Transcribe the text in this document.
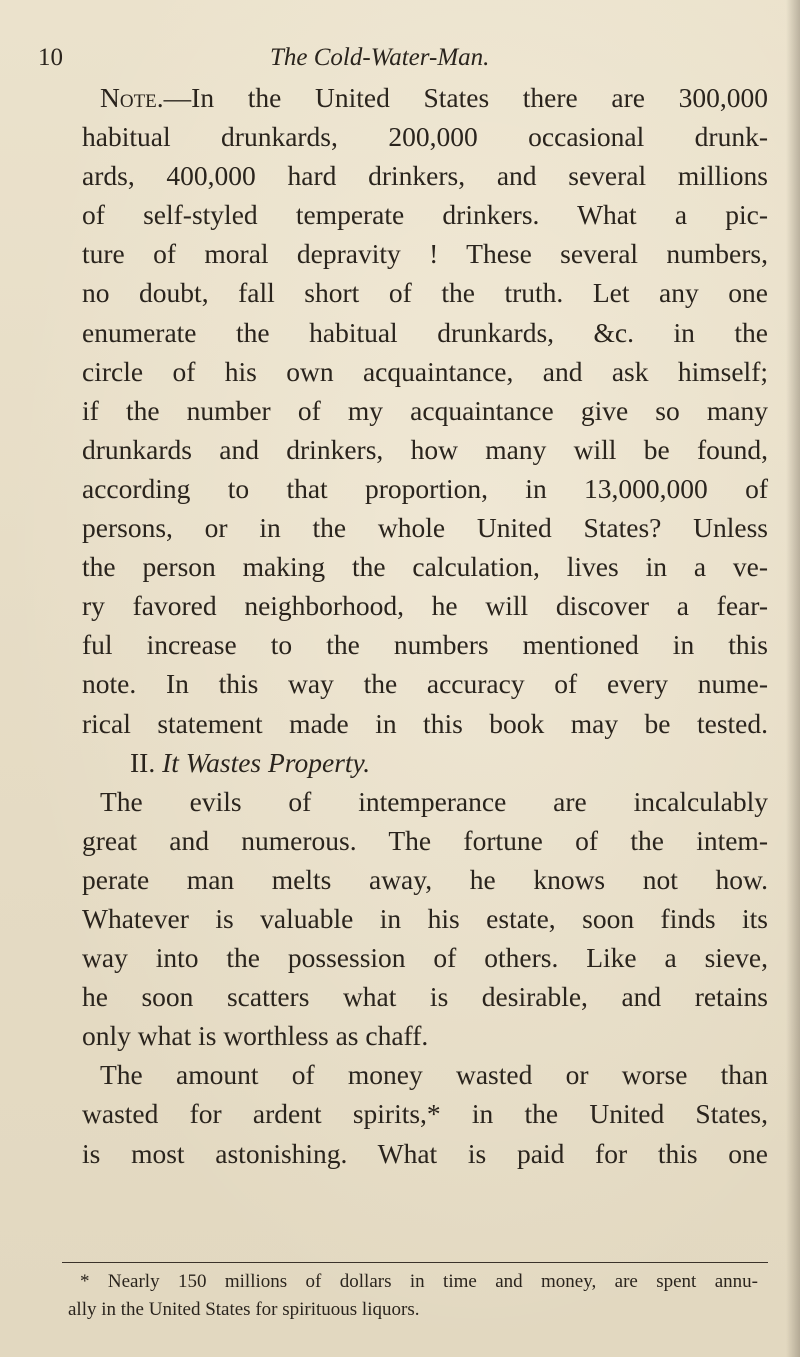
10	The Cold-Water-Man.
Note.—In the United States there are 300,000
habitual drunkards, 200,000 occasional drunk-
ards, 400,000 hard drinkers, and several millions
of self-styled temperate drinkers. What a pic-
ture of moral depravity ! These several numbers,
no doubt, fall short of the truth. Let any one
enumerate the habitual drunkards, &c. in the
circle of his own acquaintance, and ask himself;
if the number of my acquaintance give so many
drunkards and drinkers, how many will be found,
according to that proportion, in 13,000,000 of
persons, or in the whole United States? Unless
the person making the calculation, lives in a ve-
ry favored neighborhood, he will discover a fear-
ful increase to the numbers mentioned in this
note. In this way the accuracy of every nume-
rical statement made in this book may be tested.
II. It Wastes Property.
The evils of intemperance are incalculably
great and numerous. The fortune of the intem-
perate man melts away, he knows not how.
Whatever is valuable in his estate, soon finds its
way into the possession of others. Like a sieve,
he soon scatters what is desirable, and retains
only what is worthless as chaff.
The amount of money wasted or worse than
wasted for ardent spirits,* in the United States,
is most astonishing. What is paid for this one
* Nearly 150 millions of dollars in time and money, are spent annu-
ally in the United States for spirituous liquors.
